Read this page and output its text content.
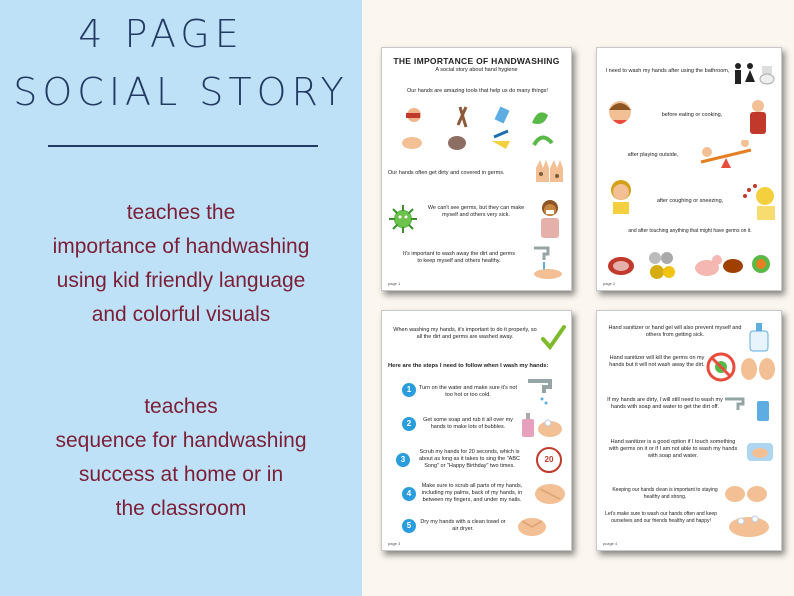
4 PAGE
SOCIAL STORY
teaches the
importance of handwashing
using kid friendly language
and colorful visuals
teaches
sequence for handwashing
success at home or in
the classroom
THE IMPORTANCE OF HANDWASHING
A social story about hand hygiene
Our hands are amazing tools that help us do many things!
Our hands often get dirty and covered in germs.
We can't see germs, but they can make myself and others very sick.
It's important to wash away the dirt and germs to keep myself and others healthy.
page 1
I need to wash my hands after using the bathroom,
before eating or cooking,
after playing outside,
after coughing or sneezing,
and after touching anything that might have germs on it.
page 2
When washing my hands, it's important to do it properly, so all the dirt and germs are washed away.
Here are the steps I need to follow when I wash my hands:
1	Turn on the water and make sure it's not too hot or too cold.
2	Get some soap and rub it all over my hands to make lots of bubbles.
3
Scrub my hands for 20 seconds, which is about as long as it takes to sing the "ABC Song" or "Happy Birthday" two times.
20
4
Make sure to scrub all parts of my hands, including my palms, back of my hands, in between my fingers, and under my nails.
5	Dry my hands with a clean towel or air dryer.
page 3
Hand sanitizer or hand gel will also prevent myself and others from getting sick.
Hand sanitizer will kill the germs on my hands but it will not wash away the dirt.
If my hands are dirty, I will still need to wash my hands with soap and water to get the dirt off.
Hand sanitizer is a good option if I touch something with germs on it or if I am not able to wash my hands with soap and water.
Keeping our hands clean is important to staying healthy and strong.
Let's make sure to wash our hands often and keep ourselves and our friends healthy and happy!
pcage 4
